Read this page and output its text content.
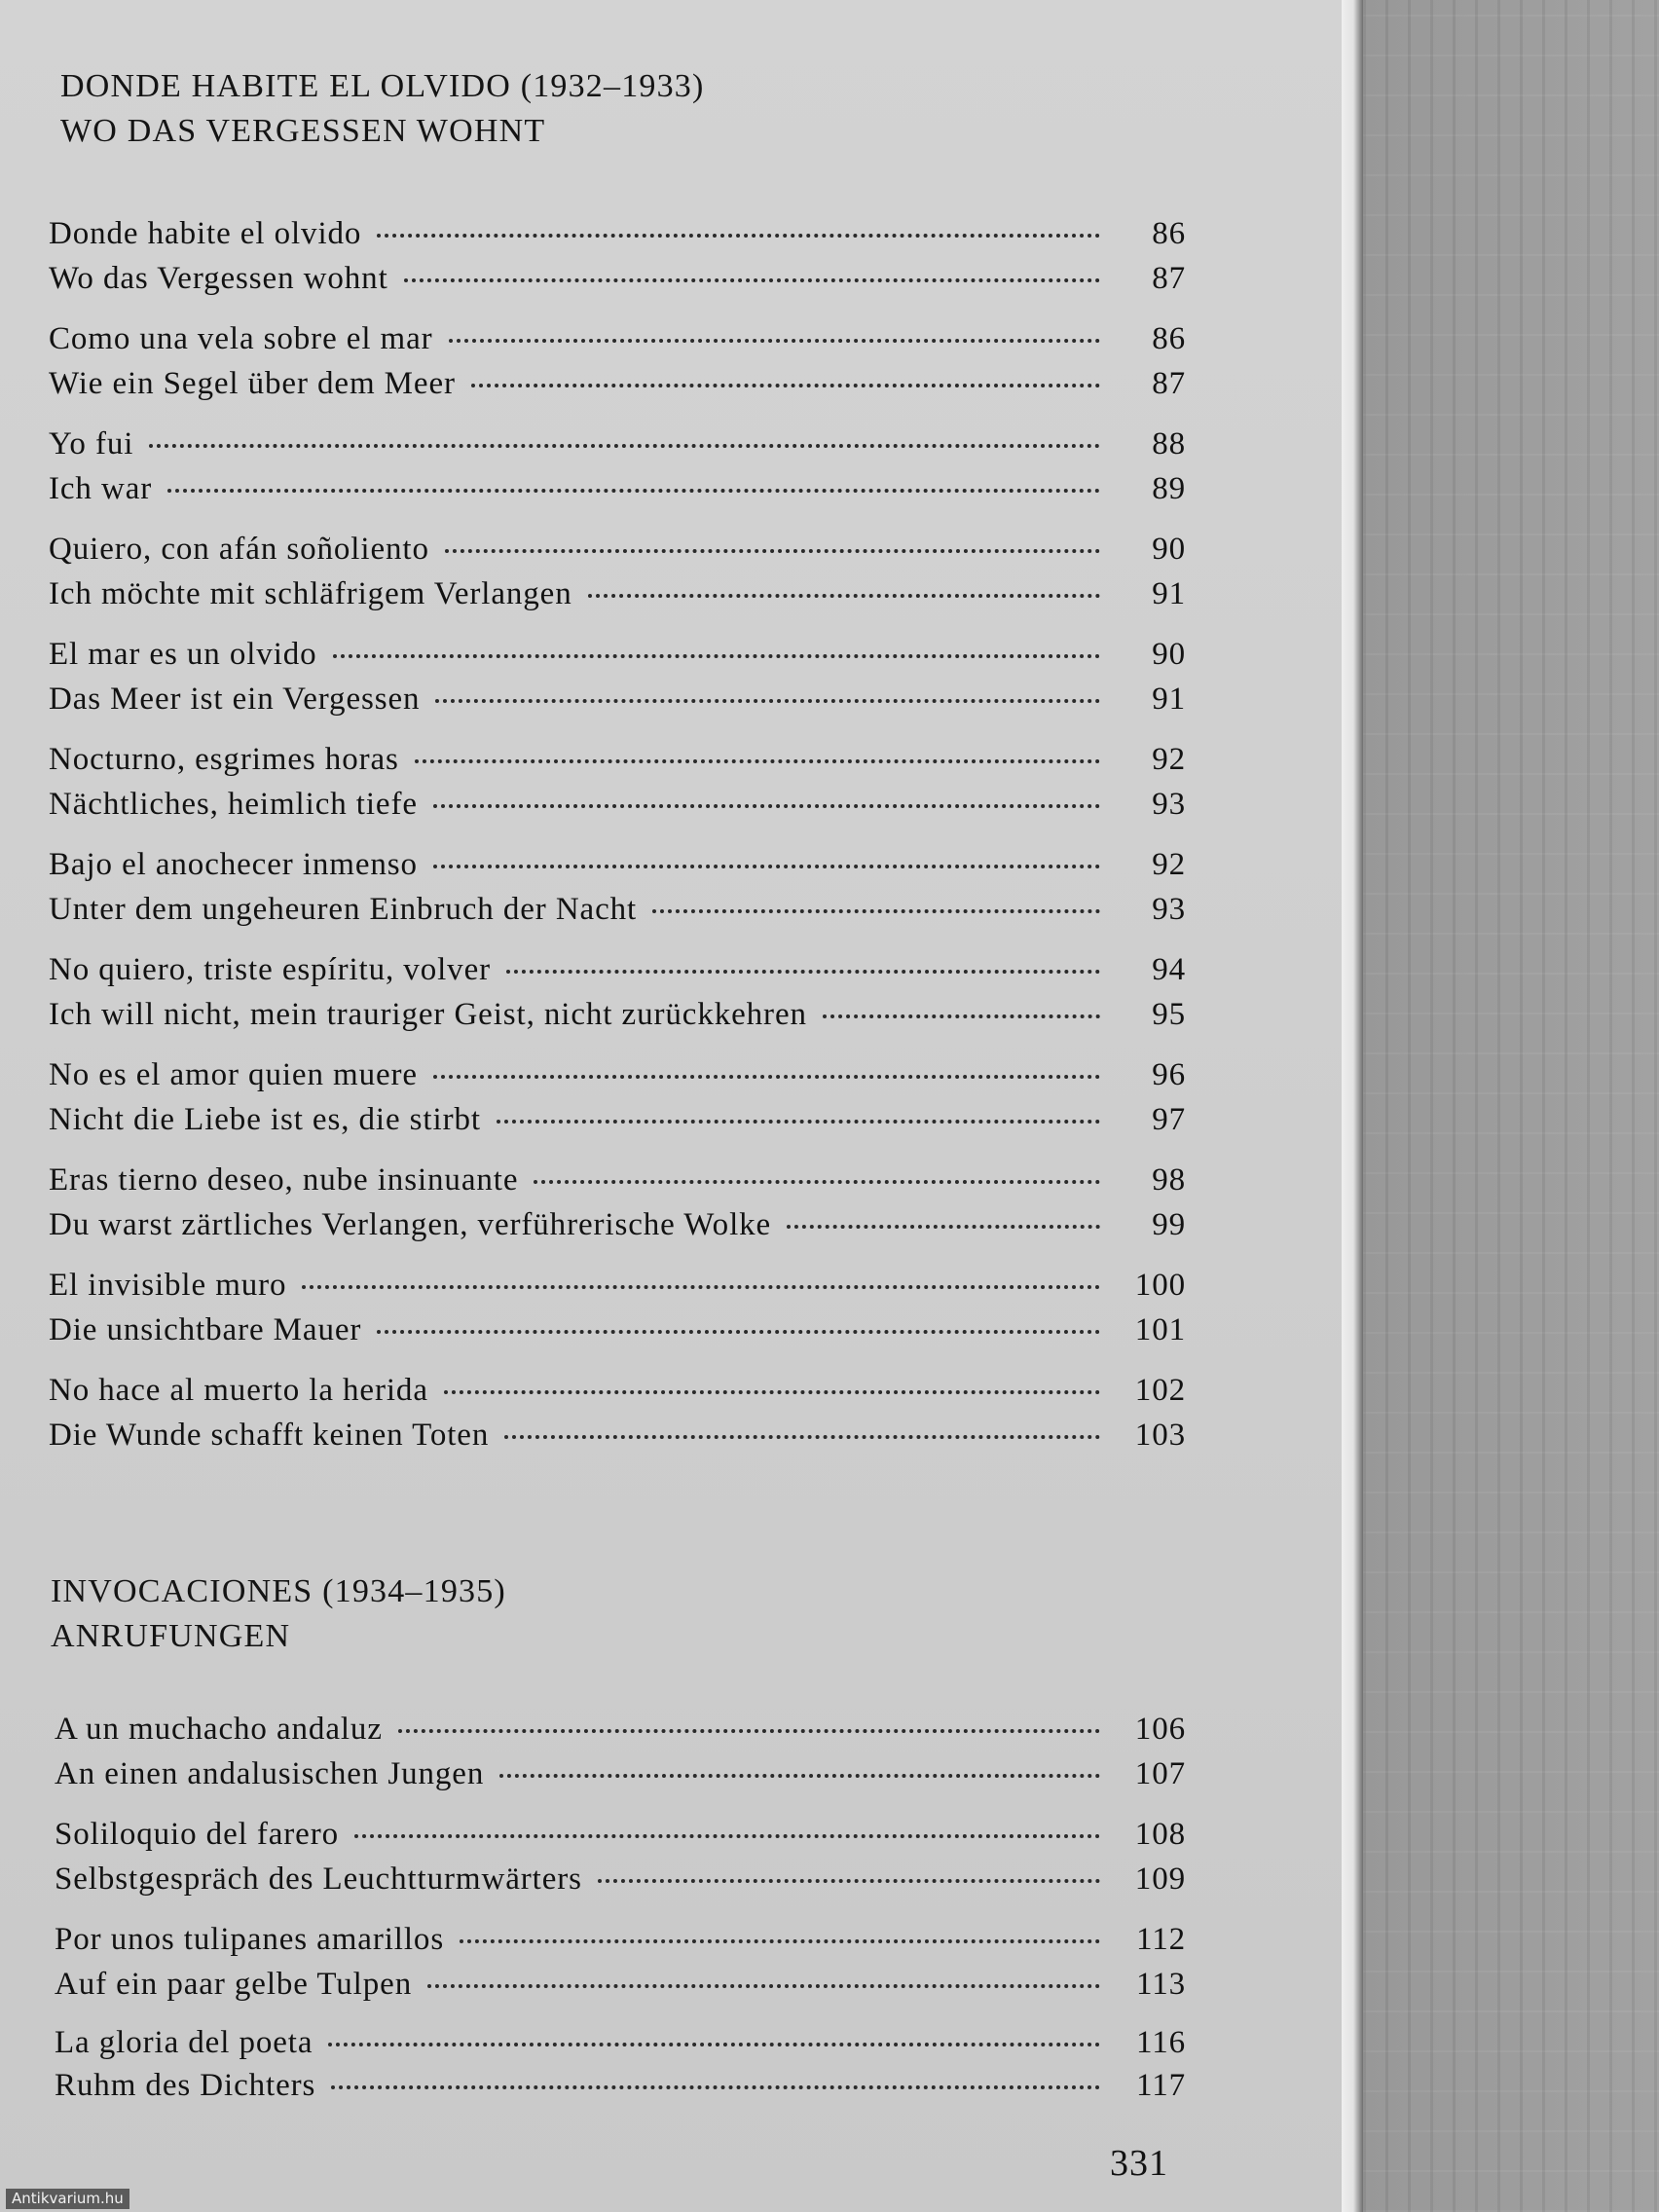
DONDE HABITE EL OLVIDO (1932–1933)
WO DAS VERGESSEN WOHNT
Donde habite el olvido	86
Wo das Vergessen wohnt	87
Como una vela sobre el mar	86
Wie ein Segel über dem Meer	87
Yo fui	88
Ich war	89
Quiero, con afán soñoliento	90
Ich möchte mit schläfrigem Verlangen	91
El mar es un olvido	90
Das Meer ist ein Vergessen	91
Nocturno, esgrimes horas	92
Nächtliches, heimlich tiefe	93
Bajo el anochecer inmenso	92
Unter dem ungeheuren Einbruch der Nacht	93
No quiero, triste espíritu, volver	94
Ich will nicht, mein trauriger Geist, nicht zurückkehren	95
No es el amor quien muere	96
Nicht die Liebe ist es, die stirbt	97
Eras tierno deseo, nube insinuante	98
Du warst zärtliches Verlangen, verführerische Wolke	99
El invisible muro	100
Die unsichtbare Mauer	101
No hace al muerto la herida	102
Die Wunde schafft keinen Toten	103
INVOCACIONES (1934–1935)
ANRUFUNGEN
A un muchacho andaluz	106
An einen andalusischen Jungen	107
Soliloquio del farero	108
Selbstgespräch des Leuchtturmwärters	109
Por unos tulipanes amarillos	112
Auf ein paar gelbe Tulpen	113
La gloria del poeta	116
Ruhm des Dichters	117
331
Antikvarium.hu
